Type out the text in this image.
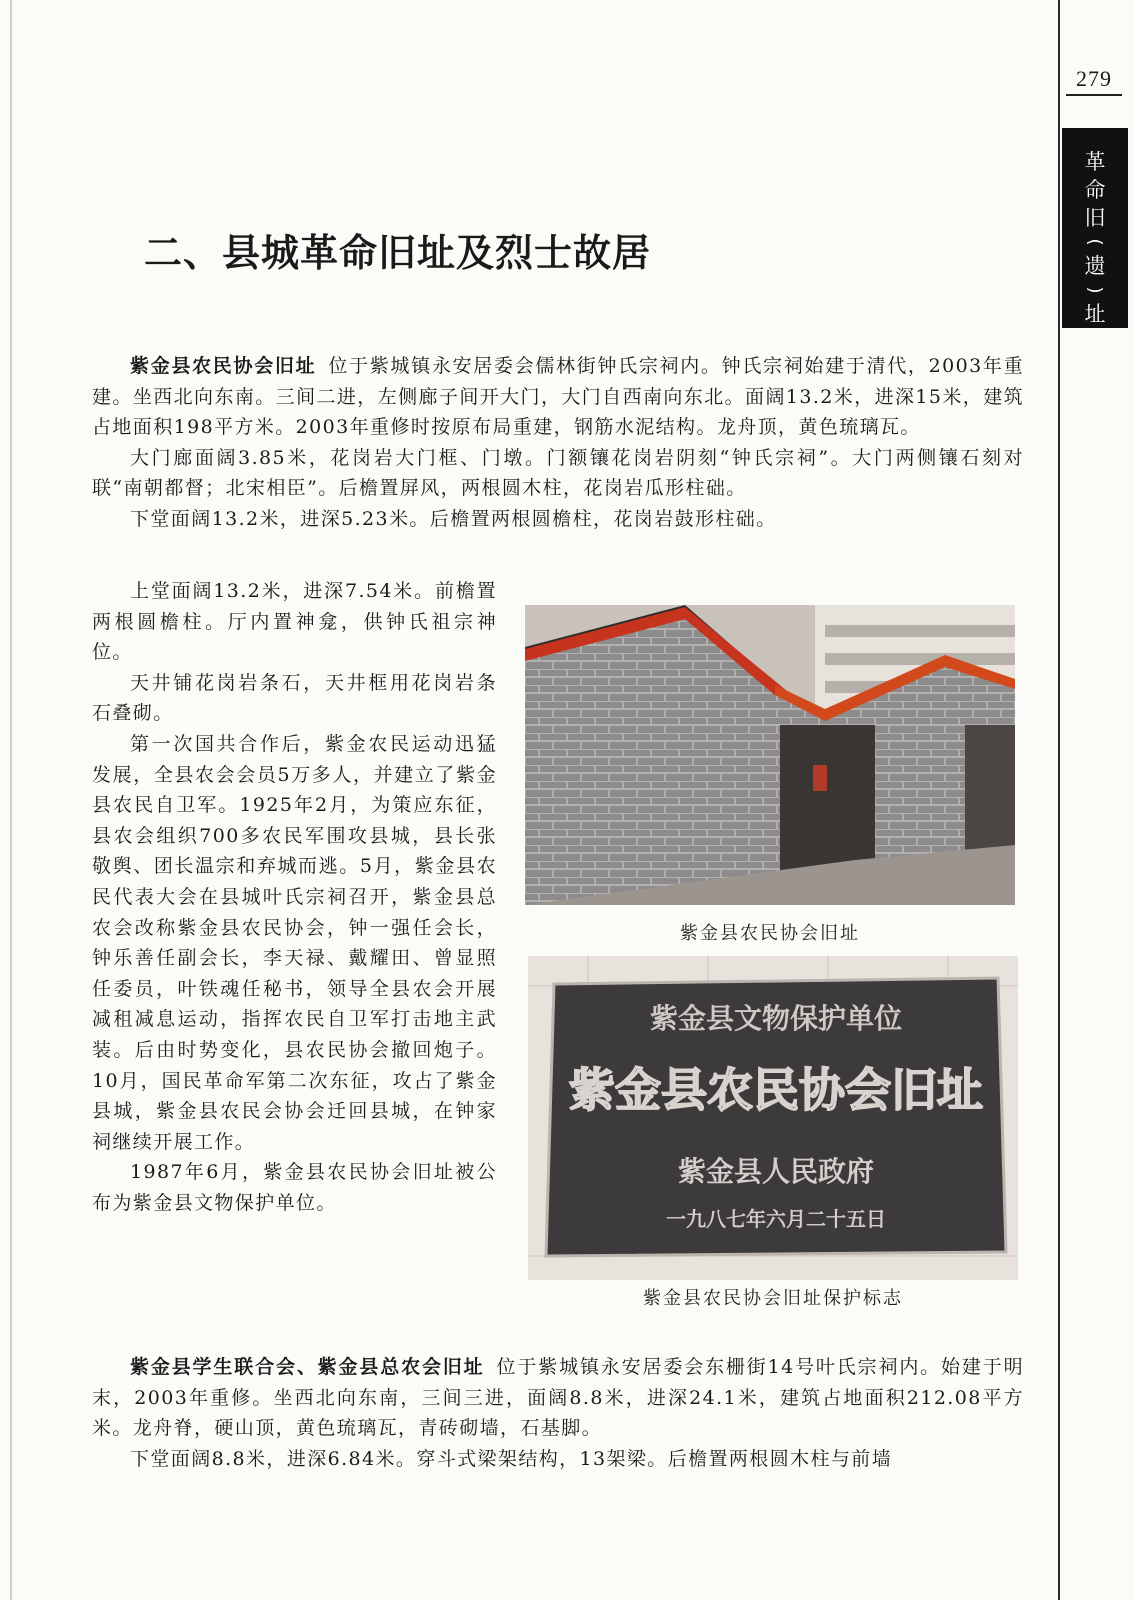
279
革
命
旧
(
遗
)
址
二、县城革命旧址及烈士故居

紫金县农民协会旧址 位于紫城镇永安居委会儒林街钟氏宗祠内。钟氏宗祠始建于清代，2003年重建。坐西北向东南。三间二进，左侧廊子间开大门，大门自西南向东北。面阔13.2米，进深15米，建筑占地面积198平方米。2003年重修时按原布局重建，钢筋水泥结构。龙舟顶，黄色琉璃瓦。

大门廊面阔3.85米，花岗岩大门框、门墩。门额镶花岗岩阴刻“钟氏宗祠”。大门两侧镶石刻对联“南朝都督；北宋相臣”。后檐置屏风，两根圆木柱，花岗岩瓜形柱础。

下堂面阔13.2米，进深5.23米。后檐置两根圆檐柱，花岗岩鼓形柱础。

上堂面阔13.2米，进深7.54米。前檐置两根圆檐柱。厅内置神龛，供钟氏祖宗神位。

天井铺花岗岩条石，天井框用花岗岩条石叠砌。

第一次国共合作后，紫金农民运动迅猛发展，全县农会会员5万多人，并建立了紫金县农民自卫军。1925年2月，为策应东征，县农会组织700多农民军围攻县城，县长张敬舆、团长温宗和弃城而逃。5月，紫金县农民代表大会在县城叶氏宗祠召开，紫金县总农会改称紫金县农民协会，钟一强任会长，钟乐善任副会长，李天禄、戴耀田、曾显照任委员，叶铁魂任秘书，领导全县农会开展减租减息运动，指挥农民自卫军打击地主武装。后由时势变化，县农民协会撤回炮子。10月，国民革命军第二次东征，攻占了紫金县城，紫金县农民会协会迁回县城，在钟家祠继续开展工作。

1987年6月，紫金县农民协会旧址被公布为紫金县文物保护单位。

紫金县农民协会旧址
紫金县文物保护单位
紫金县农民协会旧址
紫金县人民政府
一九八七年六月二十五日
紫金县农民协会旧址保护标志

紫金县学生联合会、紫金县总农会旧址 位于紫城镇永安居委会东栅街14号叶氏宗祠内。始建于明末，2003年重修。坐西北向东南，三间三进，面阔8.8米，进深24.1米，建筑占地面积212.08平方米。龙舟脊，硬山顶，黄色琉璃瓦，青砖砌墙，石基脚。

下堂面阔8.8米，进深6.84米。穿斗式梁架结构，13架梁。后檐置两根圆木柱与前墙
